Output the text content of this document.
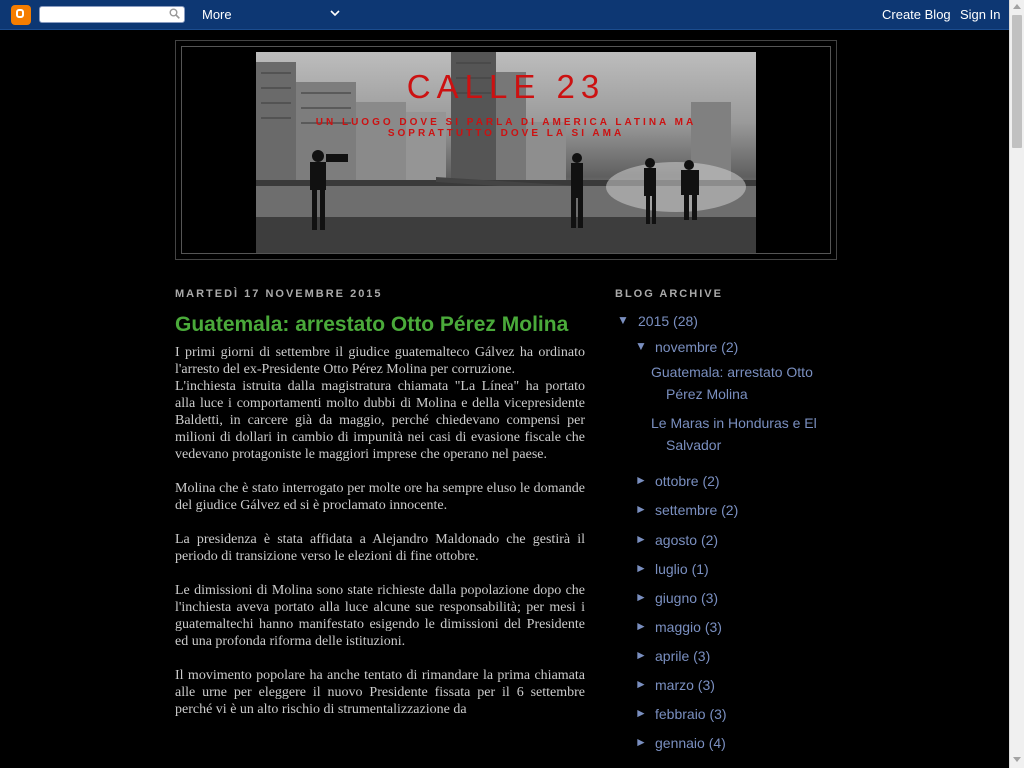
More	Create Blog Sign In
CALLE 23
UN LUOGO DOVE SI PARLA DI AMERICA LATINA MA SOPRATTUTTO DOVE LA SI AMA
MARTEDÌ 17 NOVEMBRE 2015
Guatemala: arrestato Otto Pérez Molina

I primi giorni di settembre il giudice guatemalteco Gálvez ha ordinato l'arresto del ex-Presidente Otto Pérez Molina per corruzione.
L'inchiesta istruita dalla magistratura chiamata "La Línea" ha portato alla luce i comportamenti molto dubbi di Molina e della vicepresidente Baldetti, in carcere già da maggio, perché chiedevano compensi per milioni di dollari in cambio di impunità nei casi di evasione fiscale che vedevano protagoniste le maggiori imprese che operano nel paese.

Molina che è stato interrogato per molte ore ha sempre eluso le domande del giudice Gálvez ed si è proclamato innocente.

La presidenza è stata affidata a Alejandro Maldonado che gestirà il periodo di transizione verso le elezioni di fine ottobre.

Le dimissioni di Molina sono state richieste dalla popolazione dopo che l'inchiesta aveva portato alla luce alcune sue responsabilità; per mesi i guatemaltechi hanno manifestato esigendo le dimissioni del Presidente ed una profonda riforma delle istituzioni.

Il movimento popolare ha anche tentato di rimandare la prima chiamata alle urne per eleggere il nuovo Presidente fissata per il 6 settembre perché vi è un alto rischio di strumentalizzazione da

BLOG ARCHIVE
▼ 2015 (28)
▼ novembre (2)
Guatemala: arrestato Otto Pérez Molina
Le Maras in Honduras e El Salvador
► ottobre (2)
► settembre (2)
► agosto (2)
► luglio (1)
► giugno (3)
► maggio (3)
► aprile (3)
► marzo (3)
► febbraio (3)
► gennaio (4)
